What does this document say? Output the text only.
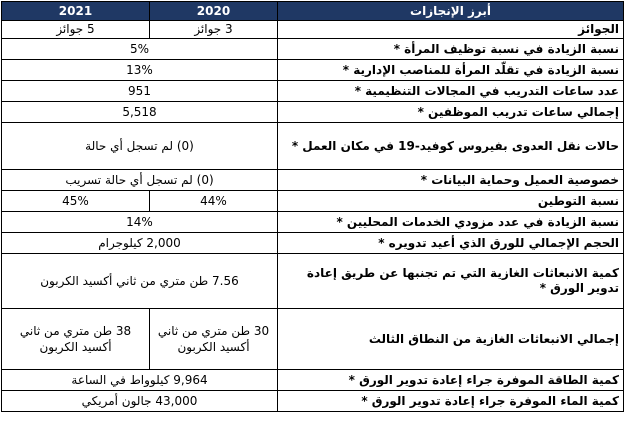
2021	2020	أبرز الإنجازات
5 جوائز	3 جوائز	الجوائز
5%		نسبة الزيادة في نسبة توظيف المرأة *
13%		نسبة الزيادة في تقلّد المرأة للمناصب الإدارية *
951		عدد ساعات التدريب في المجالات التنظيمية *
5,518		إجمالي ساعات تدريب الموظفين *
(0) لم تسجل أي حالة		حالات نقل العدوى بفيروس كوفيد-19 في مكان العمل *
(0) لم تسجل أي حالة تسريب		خصوصية العميل وحماية البيانات *
45%	44%	نسبة التوطين
14%		نسبة الزيادة في عدد مزودي الخدمات المحليين *
2,000 كيلوجرام		الحجم الإجمالي للورق الذي أعيد تدويره *
7.56 طن متري من ثاني أكسيد الكربون		كمية الانبعاثات الغازية التي تم تجنبها عن طريق إعادة تدوير الورق *
38 طن متري من ثاني أكسيد الكربون	30 طن متري من ثاني أكسيد الكربون	إجمالي الانبعاثات الغازية من النطاق الثالث
9,964 كيلوواط في الساعة		كمية الطاقة الموفرة جراء إعادة تدوير الورق *
43,000 جالون أمريكي		كمية الماء الموفرة جراء إعادة تدوير الورق *
